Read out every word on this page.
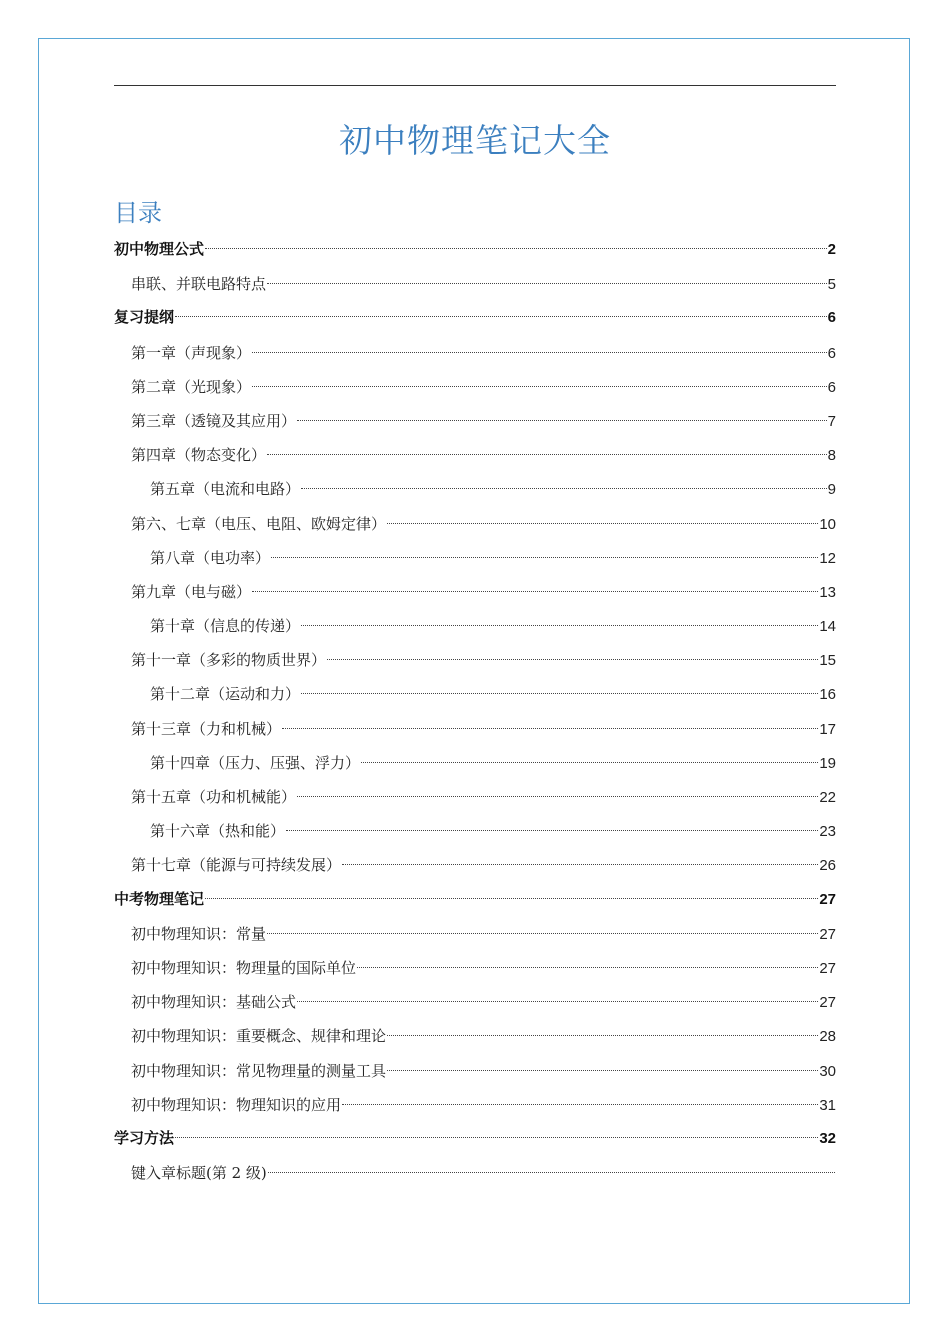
初中物理笔记大全
目录
初中物理公式	2
串联、并联电路特点	5
复习提纲	6
第一章（声现象）	6
第二章（光现象）	6
第三章（透镜及其应用）	7
第四章（物态变化）	8
第五章（电流和电路）	9
第六、七章（电压、电阻、欧姆定律）	10
第八章（电功率）	12
第九章（电与磁）	13
第十章（信息的传递）	14
第十一章（多彩的物质世界）	15
第十二章（运动和力）	16
第十三章（力和机械）	17
第十四章（压力、压强、浮力）	19
第十五章（功和机械能）	22
第十六章（热和能）	23
第十七章（能源与可持续发展）	26
中考物理笔记	27
初中物理知识：常量	27
初中物理知识：物理量的国际单位	27
初中物理知识：基础公式	27
初中物理知识：重要概念、规律和理论	28
初中物理知识：常见物理量的测量工具	30
初中物理知识：物理知识的应用	31
学习方法	32
键入章标题(第 2 级)
